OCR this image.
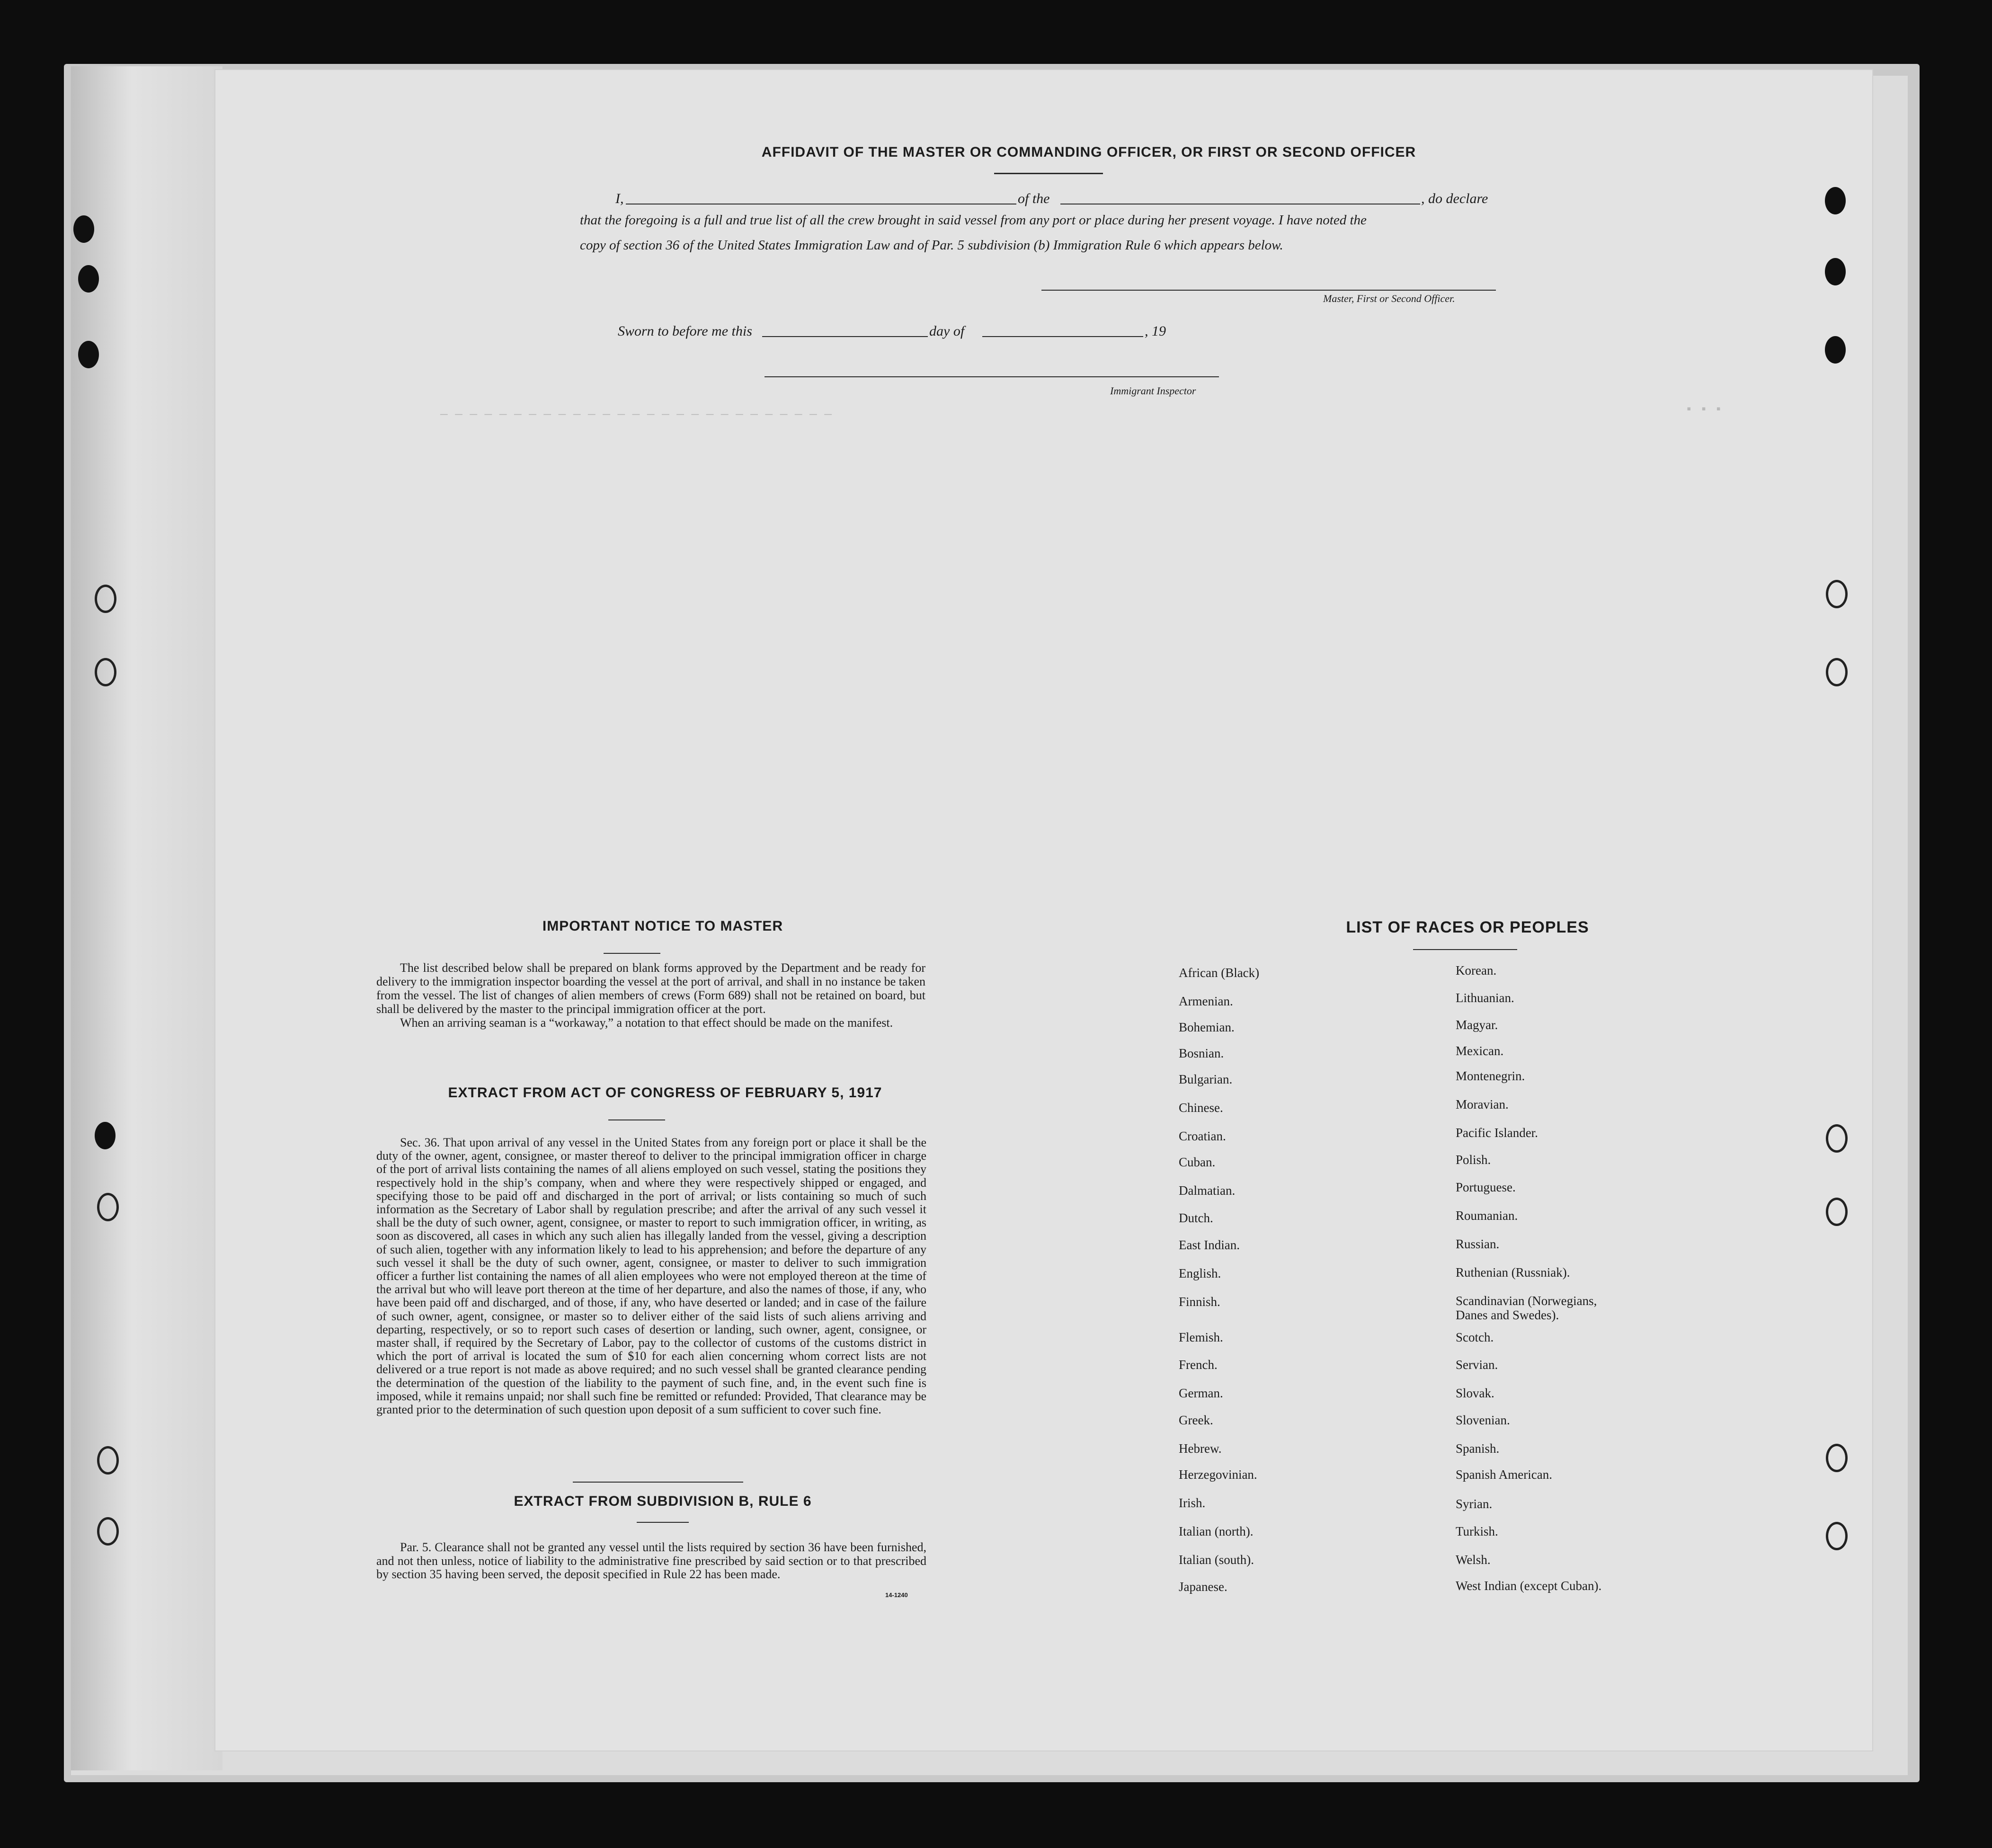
▪ ▪ ▪
— — — — — — — — — — — — — — — — — — — — — — — — — — —
AFFIDAVIT OF THE MASTER OR COMMANDING OFFICER, OR FIRST OR SECOND OFFICER
I,	of the	, do declare
that the foregoing is a full and true list of all the crew brought in said vessel from any port or place during her present voyage. I have noted the
copy of section 36 of the United States Immigration Law and of Par. 5 subdivision (b) Immigration Rule 6 which appears below.
Master, First or Second Officer.
Sworn to before me this	day of	, 19
Immigrant Inspector
IMPORTANT NOTICE TO MASTER

The list described below shall be prepared on blank forms approved by the Department and be ready for delivery to the immigration inspector boarding the vessel at the port of arrival, and shall in no instance be taken from the vessel. The list of changes of alien members of crews (Form 689) shall not be retained on board, but shall be delivered by the master to the principal immigration officer at the port.

When an arriving seaman is a “workaway,” a notation to that effect should be made on the manifest.

EXTRACT FROM ACT OF CONGRESS OF FEBRUARY 5, 1917
Sec. 36. That upon arrival of any vessel in the United States from any foreign port or place it shall be the duty of the owner, agent, consignee, or master thereof to deliver to the principal immigration officer in charge of the port of arrival lists containing the names of all aliens employed on such vessel, stating the positions they respectively hold in the ship’s company, when and where they were respectively shipped or engaged, and specifying those to be paid off and discharged in the port of arrival; or lists containing so much of such information as the Secretary of Labor shall by regulation prescribe; and after the arrival of any such vessel it shall be the duty of such owner, agent, consignee, or master to report to such immigration officer, in writing, as soon as discovered, all cases in which any such alien has illegally landed from the vessel, giving a description of such alien, together with any information likely to lead to his apprehension; and before the departure of any such vessel it shall be the duty of such owner, agent, consignee, or master to deliver to such immigration officer a further list containing the names of all alien employees who were not employed thereon at the time of the arrival but who will leave port thereon at the time of her departure, and also the names of those, if any, who have been paid off and discharged, and of those, if any, who have deserted or landed; and in case of the failure of such owner, agent, consignee, or master so to deliver either of the said lists of such aliens arriving and departing, respectively, or so to report such cases of desertion or landing, such owner, agent, consignee, or master shall, if required by the Secretary of Labor, pay to the collector of customs of the customs district in which the port of arrival is located the sum of $10 for each alien concerning whom correct lists are not delivered or a true report is not made as above required; and no such vessel shall be granted clearance pending the determination of the question of the liability to the payment of such fine, and, in the event such fine is imposed, while it remains unpaid; nor shall such fine be remitted or refunded: Provided, That clearance may be granted prior to the determination of such question upon deposit of a sum sufficient to cover such fine.
EXTRACT FROM SUBDIVISION B, RULE 6
Par. 5. Clearance shall not be granted any vessel until the lists required by section 36 have been furnished, and not then unless, notice of liability to the administrative fine prescribed by said section or to that prescribed by section 35 having been served, the deposit specified in Rule 22 has been made.
14-1240
LIST OF RACES OR PEOPLES
African (Black)
Armenian.
Bohemian.
Bosnian.
Bulgarian.
Chinese.
Croatian.
Cuban.
Dalmatian.
Dutch.
East Indian.
English.
Finnish.
Flemish.
French.
German.
Greek.
Hebrew.
Herzegovinian.
Irish.
Italian (north).
Italian (south).
Japanese.
Korean.
Lithuanian.
Magyar.
Mexican.
Montenegrin.
Moravian.
Pacific Islander.
Polish.
Portuguese.
Roumanian.
Russian.
Ruthenian (Russniak).
Scandinavian (Norwegians,
Danes and Swedes).
Scotch.
Servian.
Slovak.
Slovenian.
Spanish.
Spanish American.
Syrian.
Turkish.
Welsh.
West Indian (except Cuban).
